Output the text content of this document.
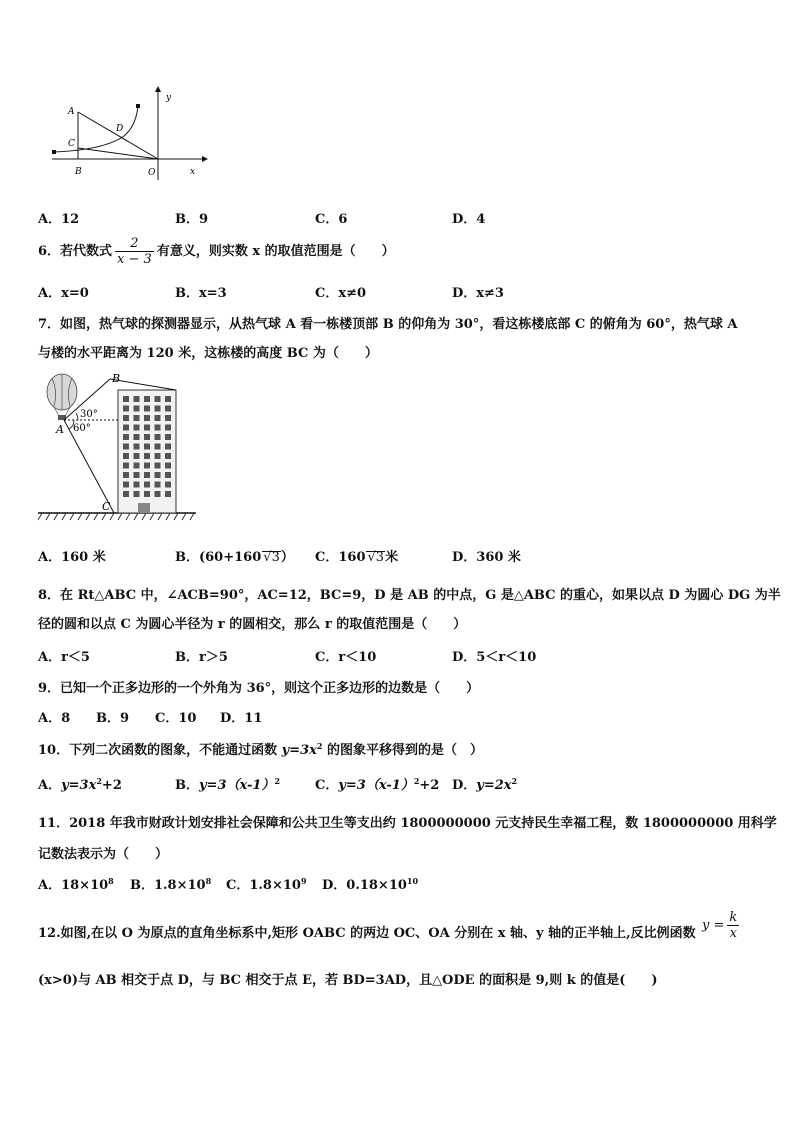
A
C
D
B	O	x
y
A．12	B．9	C．6	D．4
6．若代数式 $\frac{2}{x - 3}$ 有意义，则实数 x 的取值范围是（　　）
A．x=0	B．x=3	C．x≠0	D．x≠3
7．如图，热气球的探测器显示，从热气球 A 看一栋楼顶部 B 的仰角为 30°，看这栋楼底部 C 的俯角为 60°，热气球 A
与楼的水平距离为 120 米，这栋楼的高度 BC 为（　　）
30°
60°
A
B
C
A．160 米	B．(60+160 √3） C．160 √3米	D．360 米
8．在 Rt△ABC 中，∠ACB=90°，AC=12，BC=9，D 是 AB 的中点，G 是△ABC 的重心，如果以点 D 为圆心 DG 为半
径的圆和以点 C 为圆心半径为 r 的圆相交，那么 r 的取值范围是（　　）
A．r＜5	B．r＞5	C．r＜10	D．5＜r＜10
9．已知一个正多边形的一个外角为 36°，则这个正多边形的边数是（　　）
A．8 B．9 C．10 D．11
10．下列二次函数的图象，不能通过函数 $y=3x^2$ 的图象平移得到的是（　）
A．$y=3x^2+2$	B．$y=3(x-1)^2$	C．$y=3(x-1)^2+2$ D．$y=2x^2$
11．2018 年我市财政计划安排社会保障和公共卫生等支出约 1800000000 元支持民生幸福工程，数 1800000000 用科学
记数法表示为（　　）
A．$18\times 10^8$ B．$1.8\times 10^8$ C．$1.8\times 10^9$ D．$0.18\times 10^{10}$
12.如图,在以 O 为原点的直角坐标系中,矩形 OABC 的两边 OC、OA 分别在 x 轴、y 轴的正半轴上,反比例函数
$y = \frac{k}{x}$
(x>0)与 AB 相交于点 D，与 BC 相交于点 E，若 BD=3AD，且△ODE 的面积是 9,则 k 的值是(　　)
